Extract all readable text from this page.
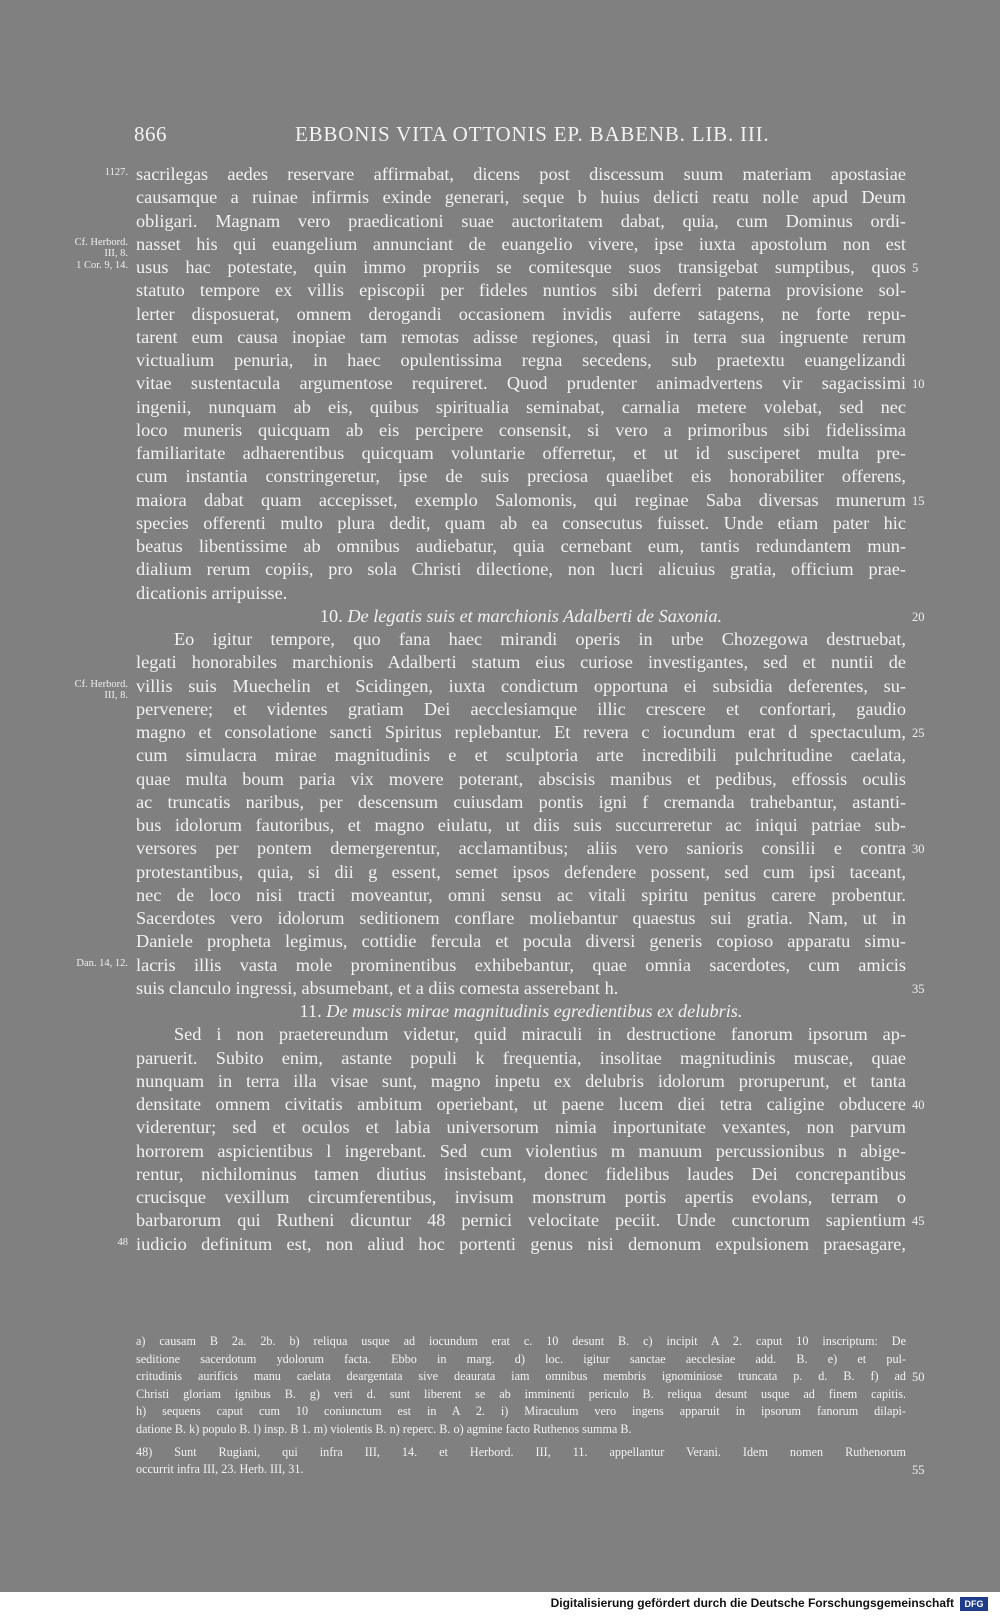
866	EBBONIS VITA OTTONIS EP. BABENB. LIB. III.
sacrilegas aedes reservare affirmabat, dicens post discessum suum materiam apostasiae
causamque a ruinae infirmis exinde generari, seque b huius delicti reatu nolle apud Deum
obligari. Magnam vero praedicationi suae auctoritatem dabat, quia, cum Dominus ordi-
nasset his qui euangelium annunciant de euangelio vivere, ipse iuxta apostolum non est
usus hac potestate, quin immo propriis se comitesque suos transigebat sumptibus, quos
statuto tempore ex villis episcopii per fideles nuntios sibi deferri paterna provisione sol-
lerter disposuerat, omnem derogandi occasionem invidis auferre satagens, ne forte repu-
tarent eum causa inopiae tam remotas adisse regiones, quasi in terra sua ingruente rerum
victualium penuria, in haec opulentissima regna secedens, sub praetextu euangelizandi
vitae sustentacula argumentose requireret. Quod prudenter animadvertens vir sagacissimi
ingenii, nunquam ab eis, quibus spiritualia seminabat, carnalia metere volebat, sed nec
loco muneris quicquam ab eis percipere consensit, si vero a primoribus sibi fidelissima
familiaritate adhaerentibus quicquam voluntarie offerretur, et ut id susciperet multa pre-
cum instantia constringeretur, ipse de suis preciosa quaelibet eis honorabiliter offerens,
maiora dabat quam accepisset, exemplo Salomonis, qui reginae Saba diversas munerum
species offerenti multo plura dedit, quam ab ea consecutus fuisset. Unde etiam pater hic
beatus libentissime ab omnibus audiebatur, quia cernebant eum, tantis redundantem mun-
dialium rerum copiis, pro sola Christi dilectione, non lucri alicuius gratia, officium prae-
dicationis arripuisse.
10. De legatis suis et marchionis Adalberti de Saxonia.
Eo igitur tempore, quo fana haec mirandi operis in urbe Chozegowa destruebat,
legati honorabiles marchionis Adalberti statum eius curiose investigantes, sed et nuntii de
villis suis Muechelin et Scidingen, iuxta condictum opportuna ei subsidia deferentes, su-
pervenere; et videntes gratiam Dei aecclesiamque illic crescere et confortari, gaudio
magno et consolatione sancti Spiritus replebantur. Et revera c iocundum erat d spectaculum,
cum simulacra mirae magnitudinis e et sculptoria arte incredibili pulchritudine caelata,
quae multa boum paria vix movere poterant, abscisis manibus et pedibus, effossis oculis
ac truncatis naribus, per descensum cuiusdam pontis igni f cremanda trahebantur, astanti-
bus idolorum fautoribus, et magno eiulatu, ut diis suis succurreretur ac iniqui patriae sub-
versores per pontem demergerentur, acclamantibus; aliis vero sanioris consilii e contra
protestantibus, quia, si dii g essent, semet ipsos defendere possent, sed cum ipsi taceant,
nec de loco nisi tracti moveantur, omni sensu ac vitali spiritu penitus carere probentur.
Sacerdotes vero idolorum seditionem conflare moliebantur quaestus sui gratia. Nam, ut in
Daniele propheta legimus, cottidie fercula et pocula diversi generis copioso apparatu simu-
lacris illis vasta mole prominentibus exhibebantur, quae omnia sacerdotes, cum amicis
suis clanculo ingressi, absumebant, et a diis comesta asserebant h.
11. De muscis mirae magnitudinis egredientibus ex delubris.
Sed i non praetereundum videtur, quid miraculi in destructione fanorum ipsorum ap-
paruerit. Subito enim, astante populi k frequentia, insolitae magnitudinis muscae, quae
nunquam in terra illa visae sunt, magno inpetu ex delubris idolorum proruperunt, et tanta
densitate omnem civitatis ambitum operiebant, ut paene lucem diei tetra caligine obducere
viderentur; sed et oculos et labia universorum nimia inportunitate vexantes, non parvum
horrorem aspicientibus l ingerebant. Sed cum violentius m manuum percussionibus n abige-
rentur, nichilominus tamen diutius insistebant, donec fidelibus laudes Dei concrepantibus
crucisque vexillum circumferentibus, invisum monstrum portis apertis evolans, terram o
barbarorum qui Rutheni dicuntur 48 pernici velocitate peciit. Unde cunctorum sapientium
iudicio definitum est, non aliud hoc portenti genus nisi demonum expulsionem praesagare,
1127.
Cf. Herbord. III, 8.
1 Cor. 9, 14.
Cf. Herbord. III, 8.
Dan. 14, 12.
48
5
10
15
20
25
30
35
40
45
50
55
a) causam B 2a. 2b. b) reliqua usque ad iocundum erat c. 10 desunt B. c) incipit A 2. caput 10 inscriptum: De
seditione sacerdotum ydolorum facta. Ebbo in marg. d) loc. igitur sanctae aecclesiae add. B. e) et pul-
critudinis aurificis manu caelata deargentata sive deaurata iam omnibus membris ignominiose truncata p. d. B. f) ad
Christi gloriam ignibus B. g) veri d. sunt liberent se ab imminenti periculo B. reliqua desunt usque ad finem capitis.
h) sequens caput cum 10 coniunctum est in A 2. i) Miraculum vero ingens apparuit in ipsorum fanorum dilapi-
datione B. k) populo B. l) insp. B 1. m) violentis B. n) reperc. B. o) agmine facto Ruthenos summa B.
48) Sunt Rugiani, qui infra III, 14. et Herbord. III, 11. appellantur Verani. Idem nomen Ruthenorum
occurrit infra III, 23. Herb. III, 31.
Digitalisierung gefördert durch die Deutsche Forschungsgemeinschaft	DFG
